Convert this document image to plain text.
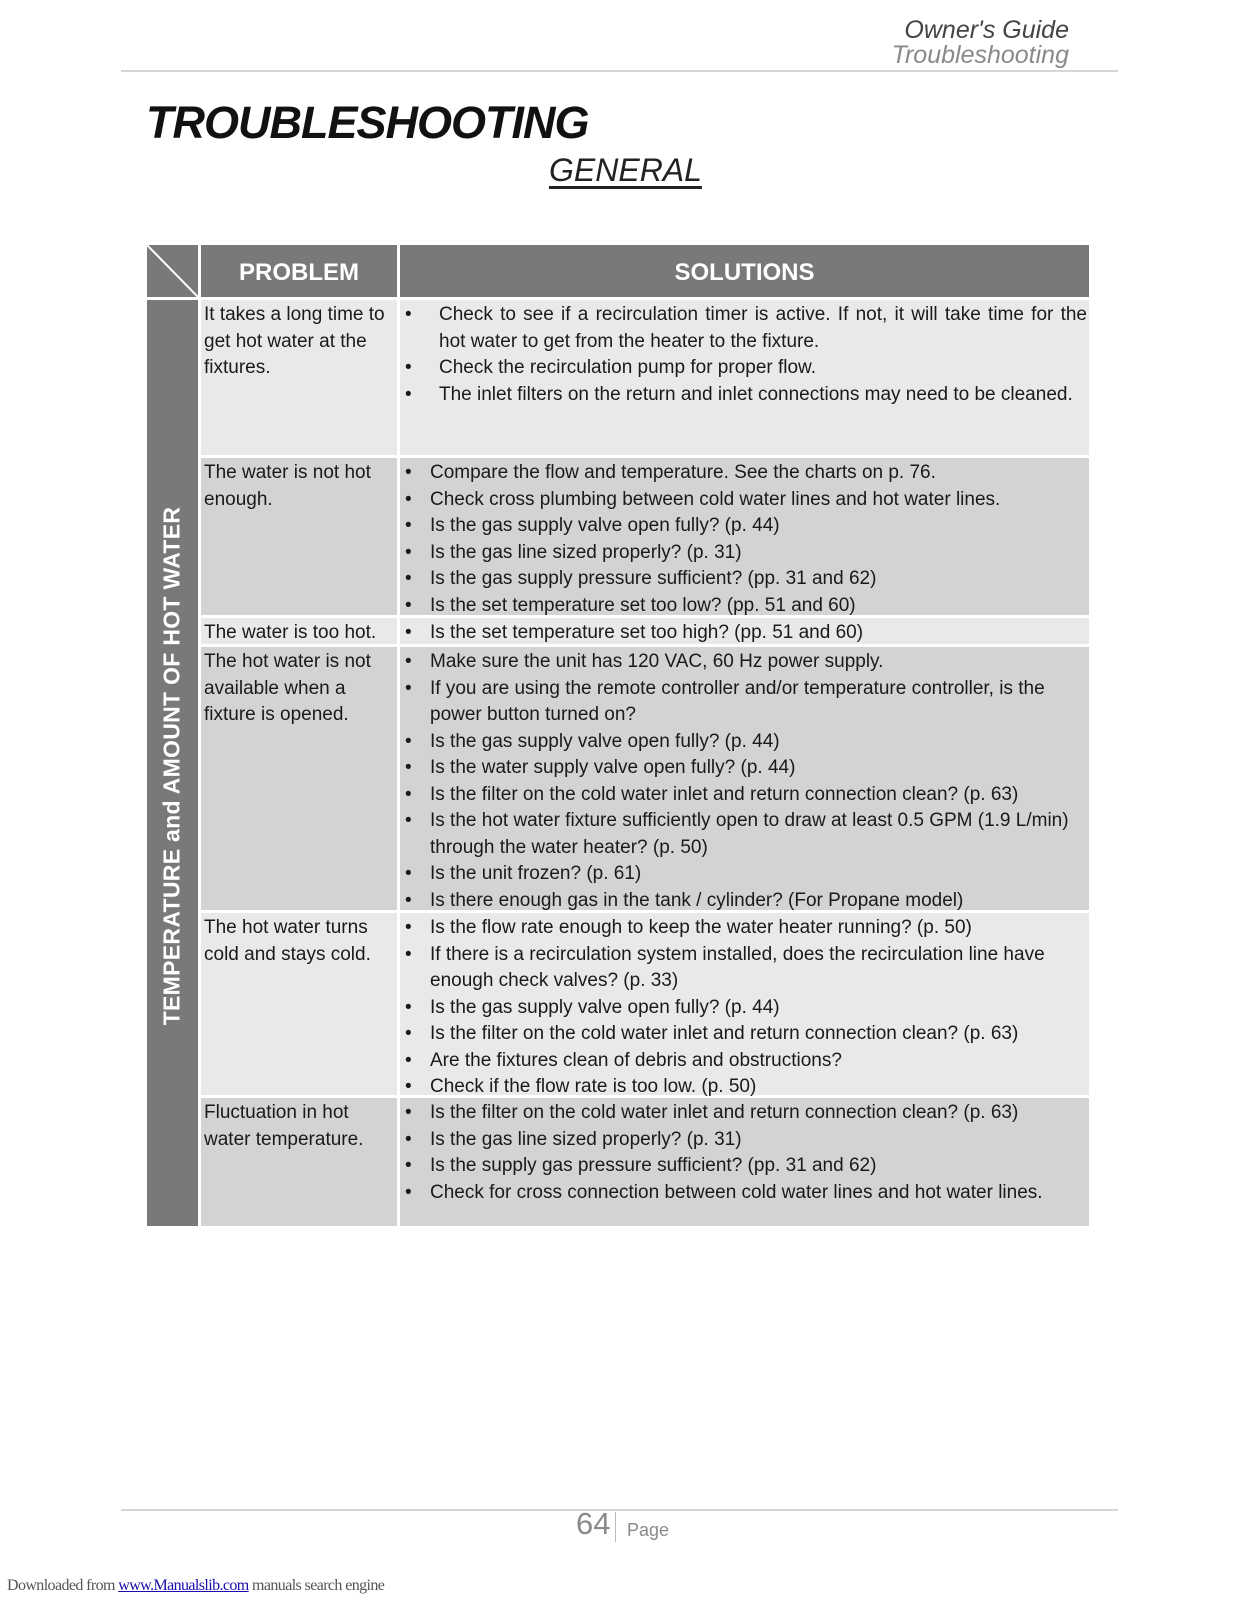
Owner's Guide
Troubleshooting
TROUBLESHOOTING
GENERAL
PROBLEM	SOLUTIONS
TEMPERATURE and AMOUNT OF HOT WATER
It takes a long time to get hot water at the fixtures.
• Check to see if a recirculation timer is active. If not, it will take time for the hot water to get from the heater to the fixture.
• Check the recirculation pump for proper flow.
• The inlet filters on the return and inlet connections may need to be cleaned.
The water is not hot enough.
• Compare the flow and temperature. See the charts on p. 76.
• Check cross plumbing between cold water lines and hot water lines.
• Is the gas supply valve open fully? (p. 44)
• Is the gas line sized properly? (p. 31)
• Is the gas supply pressure sufficient? (pp. 31 and 62)
• Is the set temperature set too low? (pp. 51 and 60)
The water is too hot.
•	Is the set temperature set too high? (pp. 51 and 60)
The hot water is not available when a fixture is opened.
• Make sure the unit has 120 VAC, 60 Hz power supply.
• If you are using the remote controller and/or temperature controller, is the power button turned on?
• Is the gas supply valve open fully? (p. 44)
• Is the water supply valve open fully? (p. 44)
• Is the filter on the cold water inlet and return connection clean? (p. 63)
• Is the hot water fixture sufficiently open to draw at least 0.5 GPM (1.9 L/min) through the water heater? (p. 50)
• Is the unit frozen? (p. 61)
• Is there enough gas in the tank / cylinder? (For Propane model)
The hot water turns cold and stays cold.
• Is the flow rate enough to keep the water heater running? (p. 50)
• If there is a recirculation system installed, does the recirculation line have enough check valves? (p. 33)
• Is the gas supply valve open fully? (p. 44)
• Is the filter on the cold water inlet and return connection clean? (p. 63)
• Are the fixtures clean of debris and obstructions?
• Check if the flow rate is too low. (p. 50)
Fluctuation in hot water temperature.
• Is the filter on the cold water inlet and return connection clean? (p. 63)
• Is the gas line sized properly? (p. 31)
• Is the supply gas pressure sufficient? (pp. 31 and 62)
• Check for cross connection between cold water lines and hot water lines.
64 Page
Downloaded from www.Manualslib.com manuals search engine
